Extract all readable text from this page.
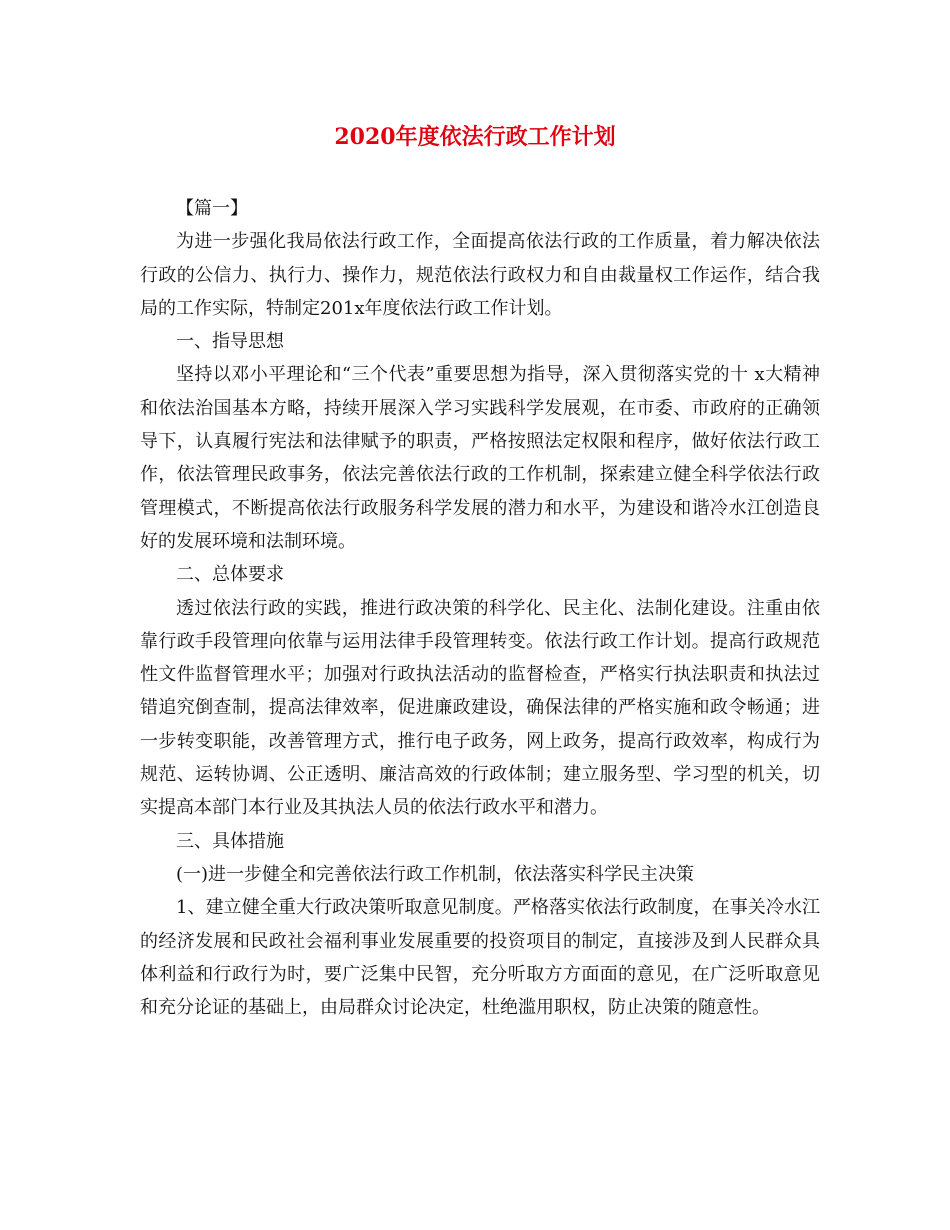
2020年度依法行政工作计划

【篇一】

为进一步强化我局依法行政工作，全面提高依法行政的工作质量，着力解决依法行政的公信力、执行力、操作力，规范依法行政权力和自由裁量权工作运作，结合我局的工作实际，特制定201x年度依法行政工作计划。

一、指导思想

坚持以邓小平理论和“三个代表”重要思想为指导，深入贯彻落实党的十 x大精神和依法治国基本方略，持续开展深入学习实践科学发展观，在市委、市政府的正确领导下，认真履行宪法和法律赋予的职责，严格按照法定权限和程序，做好依法行政工作，依法管理民政事务，依法完善依法行政的工作机制，探索建立健全科学依法行政管理模式，不断提高依法行政服务科学发展的潜力和水平，为建设和谐冷水江创造良好的发展环境和法制环境。

二、总体要求

透过依法行政的实践，推进行政决策的科学化、民主化、法制化建设。注重由依靠行政手段管理向依靠与运用法律手段管理转变。依法行政工作计划。提高行政规范性文件监督管理水平；加强对行政执法活动的监督检查，严格实行执法职责和执法过错追究倒查制，提高法律效率，促进廉政建设，确保法律的严格实施和政令畅通；进一步转变职能，改善管理方式，推行电子政务，网上政务，提高行政效率，构成行为规范、运转协调、公正透明、廉洁高效的行政体制；建立服务型、学习型的机关，切实提高本部门本行业及其执法人员的依法行政水平和潜力。

三、具体措施

(一)进一步健全和完善依法行政工作机制，依法落实科学民主决策

1、建立健全重大行政决策听取意见制度。严格落实依法行政制度，在事关冷水江的经济发展和民政社会福利事业发展重要的投资项目的制定，直接涉及到人民群众具体利益和行政行为时，要广泛集中民智，充分听取方方面面的意见，在广泛听取意见和充分论证的基础上，由局群众讨论决定，杜绝滥用职权，防止决策的随意性。
